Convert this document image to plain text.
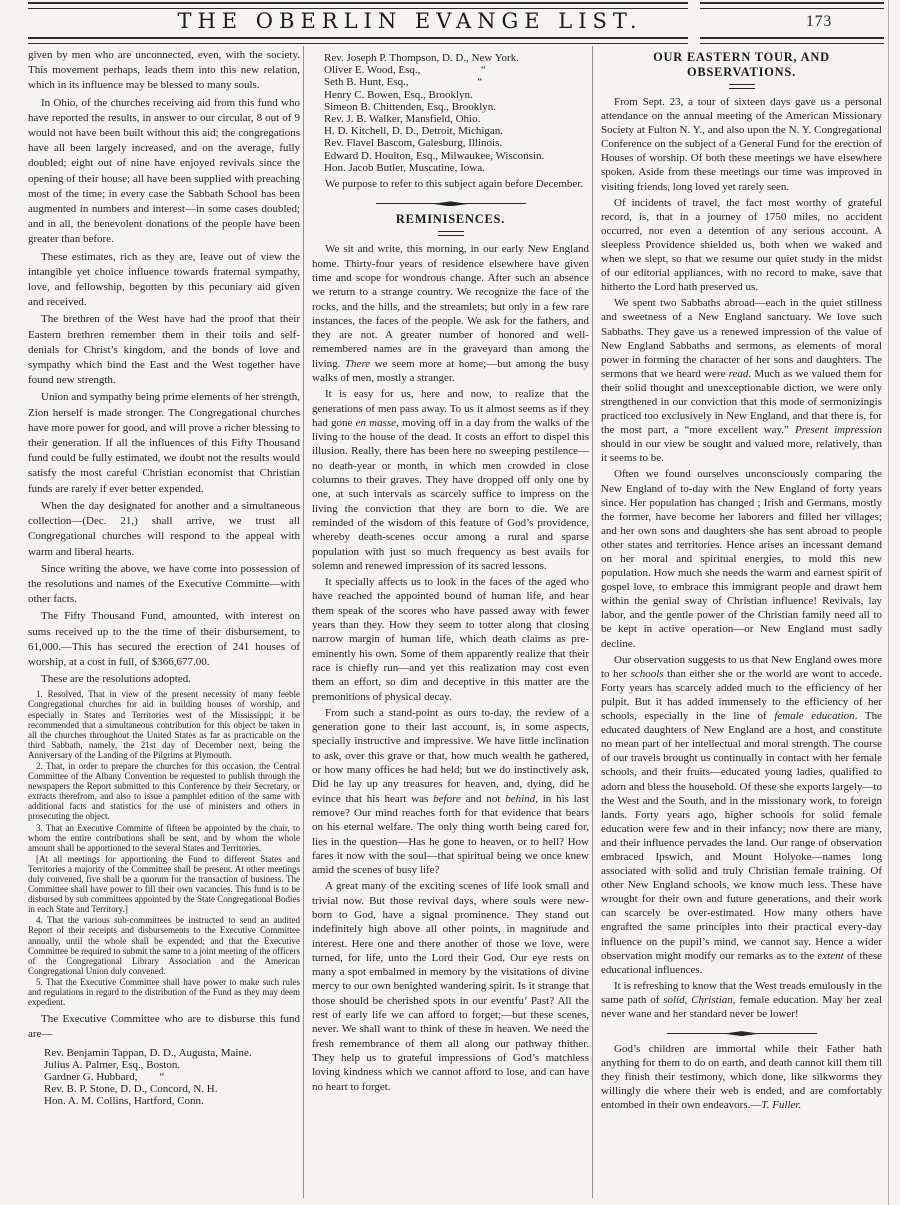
THE OBERLIN EVANGE LIST.	173

given by men who are unconnected, even, with the society. This movement perhaps, leads them into this new relation, which in its influence may be blessed to many souls.

In Ohio, of the churches receiving aid from this fund who have reported the results, in answer to our circular, 8 out of 9 would not have been built without this aid; the congregations have all been largely increased, and on the average, fully doubled; eight out of nine have enjoyed revivals since the opening of their house; all have been supplied with preaching most of the time; in every case the Sabbath School has been augmented in numbers and interest—in some cases doubled; and in all, the benevolent donations of the people have been greater than before.

These estimates, rich as they are, leave out of view the intangible yet choice influence towards fraternal sympathy, love, and fellowship, begotten by this pecuniary aid given and received.

The brethren of the West have had the proof that their Eastern brethren remember them in their toils and self-denials for Christ’s kingdom, and the bonds of love and sympathy which bind the East and the West together have found new strength.

Union and sympathy being prime elements of her strength, Zion herself is made stronger. The Congregational churches have more power for good, and will prove a richer blessing to their generation. If all the influences of this Fifty Thousand fund could be fully estimated, we doubt not the results would satisfy the most careful Christian economist that Christian funds are rarely if ever better expended.

When the day designated for another and a simultaneous collection—(Dec. 21,) shall arrive, we trust all Congregational churches will respond to the appeal with warm and liberal hearts.

Since writing the above, we have come into possession of the resolutions and names of the Executive Committe—with other facts.

The Fifty Thousand Fund, amounted, with interest on sums received up to the the time of their disbursement, to 61,000.—This has secured the erection of 241 houses of worship, at a cost in full, of $366,677.00.

These are the resolutions adopted.

1. Resolved, That in view of the present necessity of many feeble Congregational churches for aid in building houses of worship, and especially in States and Territories west of the Mississippi; it be recommended that a simultaneous contribution for this object be taken in all the churches throughout the United States as far as practicable on the third Sabbath, namely, the 21st day of December next, being the Anniversary of the Landing of the Pilgrims at Plymouth.

2. That, in order to prepare the churches for this occasion, the Central Committee of the Albany Convention be requested to publish through the newspapers the Report submitted to this Conference by their Secretary, or extracts therefrom, and also to issue a pamphlet edition of the same with additional facts and statistics for the use of ministers and others in prosecuting the object.

3. That an Executive Committe of fifteen be appointed by the chair, to whom the entire contributions shall be sent, and by whom the whole amount shall be apportioned to the several States and Territories.

[At all meetings for apportioning the Fund to different States and Territories a majority of the Committee shall be present. At other meetings duly convened, five shall be a quorum for the transaction of business. The Committee shall have power to fill their own vacancies. This fund is to be disbursed by sub committees appointed by the State Congregational Bodies in each State and Territory.]

4. That the various sub-committees be instructed to send an audited Report of their receipts and disbursements to the Executive Committee annually, until the whole shall be expended; and that the Executive Committee be required to submit the same to a joint meeting of the officers of the Congregational Library Association and the American Congregational Union duly convened.

5. That the Executive Committee shall have power to make such rules and regulations in regard to the distribution of the Fund as they may deem expedient.

The Executive Committee who are to disburse this fund are—

Rev. Benjamin Tappan, D. D., Augusta, Maine.
Julius A. Palmer, Esq., Boston.
Gardner G. Hubbard,        “
Rev. B. P. Stone, D. D., Concord, N. H.
Hon. A. M. Collins, Hartford, Conn.
Rev. Joseph P. Thompson, D. D., New York.
Oliver E. Wood, Esq.,                      “
Seth B. Hunt, Esq.,                         “
Henry C. Bowen, Esq., Brooklyn.
Simeon B. Chittenden, Esq., Brooklyn.
Rev. J. B. Walker, Mansfield, Ohio.
H. D. Kitchell, D. D., Detroit, Michigan.
Rev. Flavel Bascom, Galesburg, Illinois.
Edward D. Houlton, Esq., Milwaukee, Wisconsin.
Hon. Jacob Butler, Muscatine, Iowa.

We purpose to refer to this subject again before December.

REMINISENCES.

We sit and write, this morning, in our early New England home. Thirty-four years of residence elsewhere have given time and scope for wondrous change. After such an absence we return to a strange country. We recognize the face of the rocks, and the hills, and the streamlets; but only in a few rare instances, the faces of the people. We ask for the fathers, and they are not. A greater number of honored and well-remembered names are in the graveyard than among the living. There we seem more at home;—but among the busy walks of men, mostly a stranger.

It is easy for us, here and now, to realize that the generations of men pass away. To us it almost seems as if they had gone en masse, moving off in a day from the walks of the living to the house of the dead. It costs an effort to dispel this illusion. Really, there has been here no sweeping pestilence—no death-year or month, in which men crowded in close columns to their graves. They have dropped off only one by one, at such intervals as scarcely suffice to impress on the living the conviction that they are born to die. We are reminded of the wisdom of this feature of God’s providence, whereby death-scenes occur among a rural and sparse population with just so much frequency as best avails for solemn and renewed impression of its sacred lessons.

It specially affects us to look in the faces of the aged who have reached the appointed bound of human life, and hear them speak of the scores who have passed away with fewer years than they. How they seem to totter along that closing narrow margin of human life, which death claims as pre-eminently his own. Some of them apparently realize that their race is chiefly run—and yet this realization may cost even them an effort, so dim and deceptive in this matter are the premonitions of physical decay.

From such a stand-point as ours to-day, the review of a generation gone to their last account, is, in some aspects, specially instructive and impressive. We have little inclination to ask, over this grave or that, how much wealth he gathered, or how many offices he had held; but we do instinctively ask, Did he lay up any treasures for heaven, and, dying, did he evince that his heart was before and not behind, in his last remove? Our mind reaches forth for that evidence that bears on his eternal welfare. The only thing worth being cared for, lies in the question—Has he gone to heaven, or to hell? How fares it now with the soul—that spiritual being we once knew amid the scenes of busy life?

A great many of the exciting scenes of life look small and trivial now. But those revival days, where souls were new-born to God, have a signal prominence. They stand out indefinitely high above all other points, in magnitude and interest. Here one and there another of those we love, were turned, for life, unto the Lord their God. Our eye rests on many a spot embalmed in memory by the visitations of divine mercy to our own benighted wandering spirit. Is it strange that those should be cherished spots in our eventfu’ Past? All the rest of early life we can afford to forget;—but these scenes, never. We shall want to think of these in heaven. We need the fresh remembrance of them all along our pathway thither. They help us to grateful impressions of God’s matchless loving kindness which we cannot afford to lose, and can have no heart to forget.

OUR EASTERN TOUR, AND OBSERVATIONS.

From Sept. 23, a tour of sixteen days gave us a personal attendance on the annual meeting of the American Missionary Society at Fulton N. Y., and also upon the N. Y. Congregational Conference on the subject of a General Fund for the erection of Houses of worship. Of both these meetings we have elsewhere spoken. Aside from these meetings our time was improved in visiting friends, long loved yet rarely seen.

Of incidents of travel, the fact most worthy of grateful record, is, that in a journey of 1750 miles, no accident occurred, nor even a detention of any serious account. A sleepless Providence shielded us, both when we waked and when we slept, so that we resume our quiet study in the midst of our editorial appliances, with no record to make, save that hitherto the Lord hath preserved us.

We spent two Sabbaths abroad—each in the quiet stillness and sweetness of a New England sanctuary. We love such Sabbaths. They gave us a renewed impression of the value of New England Sabbaths and sermons, as elements of moral power in forming the character of her sons and daughters. The sermons that we heard were read. Much as we valued them for their solid thought and unexceptionable diction, we were only strengthened in our conviction that this mode of sermonizingis practiced too exclusively in New England, and that there is, for the most part, a “more excellent way.” Present impression should in our view be sought and valued more, relatively, than it seems to be.

Often we found ourselves unconsciously comparing the New England of to-day with the New England of forty years since. Her population has changed ; Irish and Germans, mostly the former, have become her laborers and filled her villages; and her own sons and daughters she has sent abroad to people other states and territories. Hence arises an incessant demand on her moral and spiritual energies, to mold this new population. How much she needs the warm and earnest spirit of gospel love, to embrace this immigrant people and drawt hem within the genial sway of Christian influence! Revivals, lay labor, and the gentle power of the Christian family need all to be kept in active operation—or New England must sadly decline.

Our observation suggests to us that New England owes more to her schools than either she or the world are wont to accede. Forty years has scarcely added much to the efficiency of her pulpit. But it has added immensely to the efficiency of her schools, especially in the line of female education. The educated daughters of New England are a host, and constitute no mean part of her intellectual and moral strength. The course of our travels brought us continually in contact with her female schools, and their fruits—educated young ladies, qualified to adorn and bless the household. Of these she exports largely—to the West and the South, and in the missionary work, to foreign lands. Forty years ago, higher schools for solid female education were few and in their infancy; now there are many, and their influence pervades the land. Our range of observation embraced Ipswich, and Mount Holyoke—names long associated with solid and truly Christian female training. Of other New England schools, we know much less. These have wrought for their own and future generations, and their work can scarcely be over-estimated. How many others have engrafted the same principles into their practical every-day influence on the pupil’s mind, we cannot say. Hence a wider observation might modify our remarks as to the extent of these educational influences.

It is refreshing to know that the West treads emulously in the same path of solid, Christian, female education. May her zeal never wane and her standard never be lower!

God’s children are immortal while their Father hath anything for them to do on earth, and death cannot kill them till they finish their testimony, which done, like silkworms they willingly die where their web is ended, and are comfortably entombed in their own endeavors.—T. Fuller.
